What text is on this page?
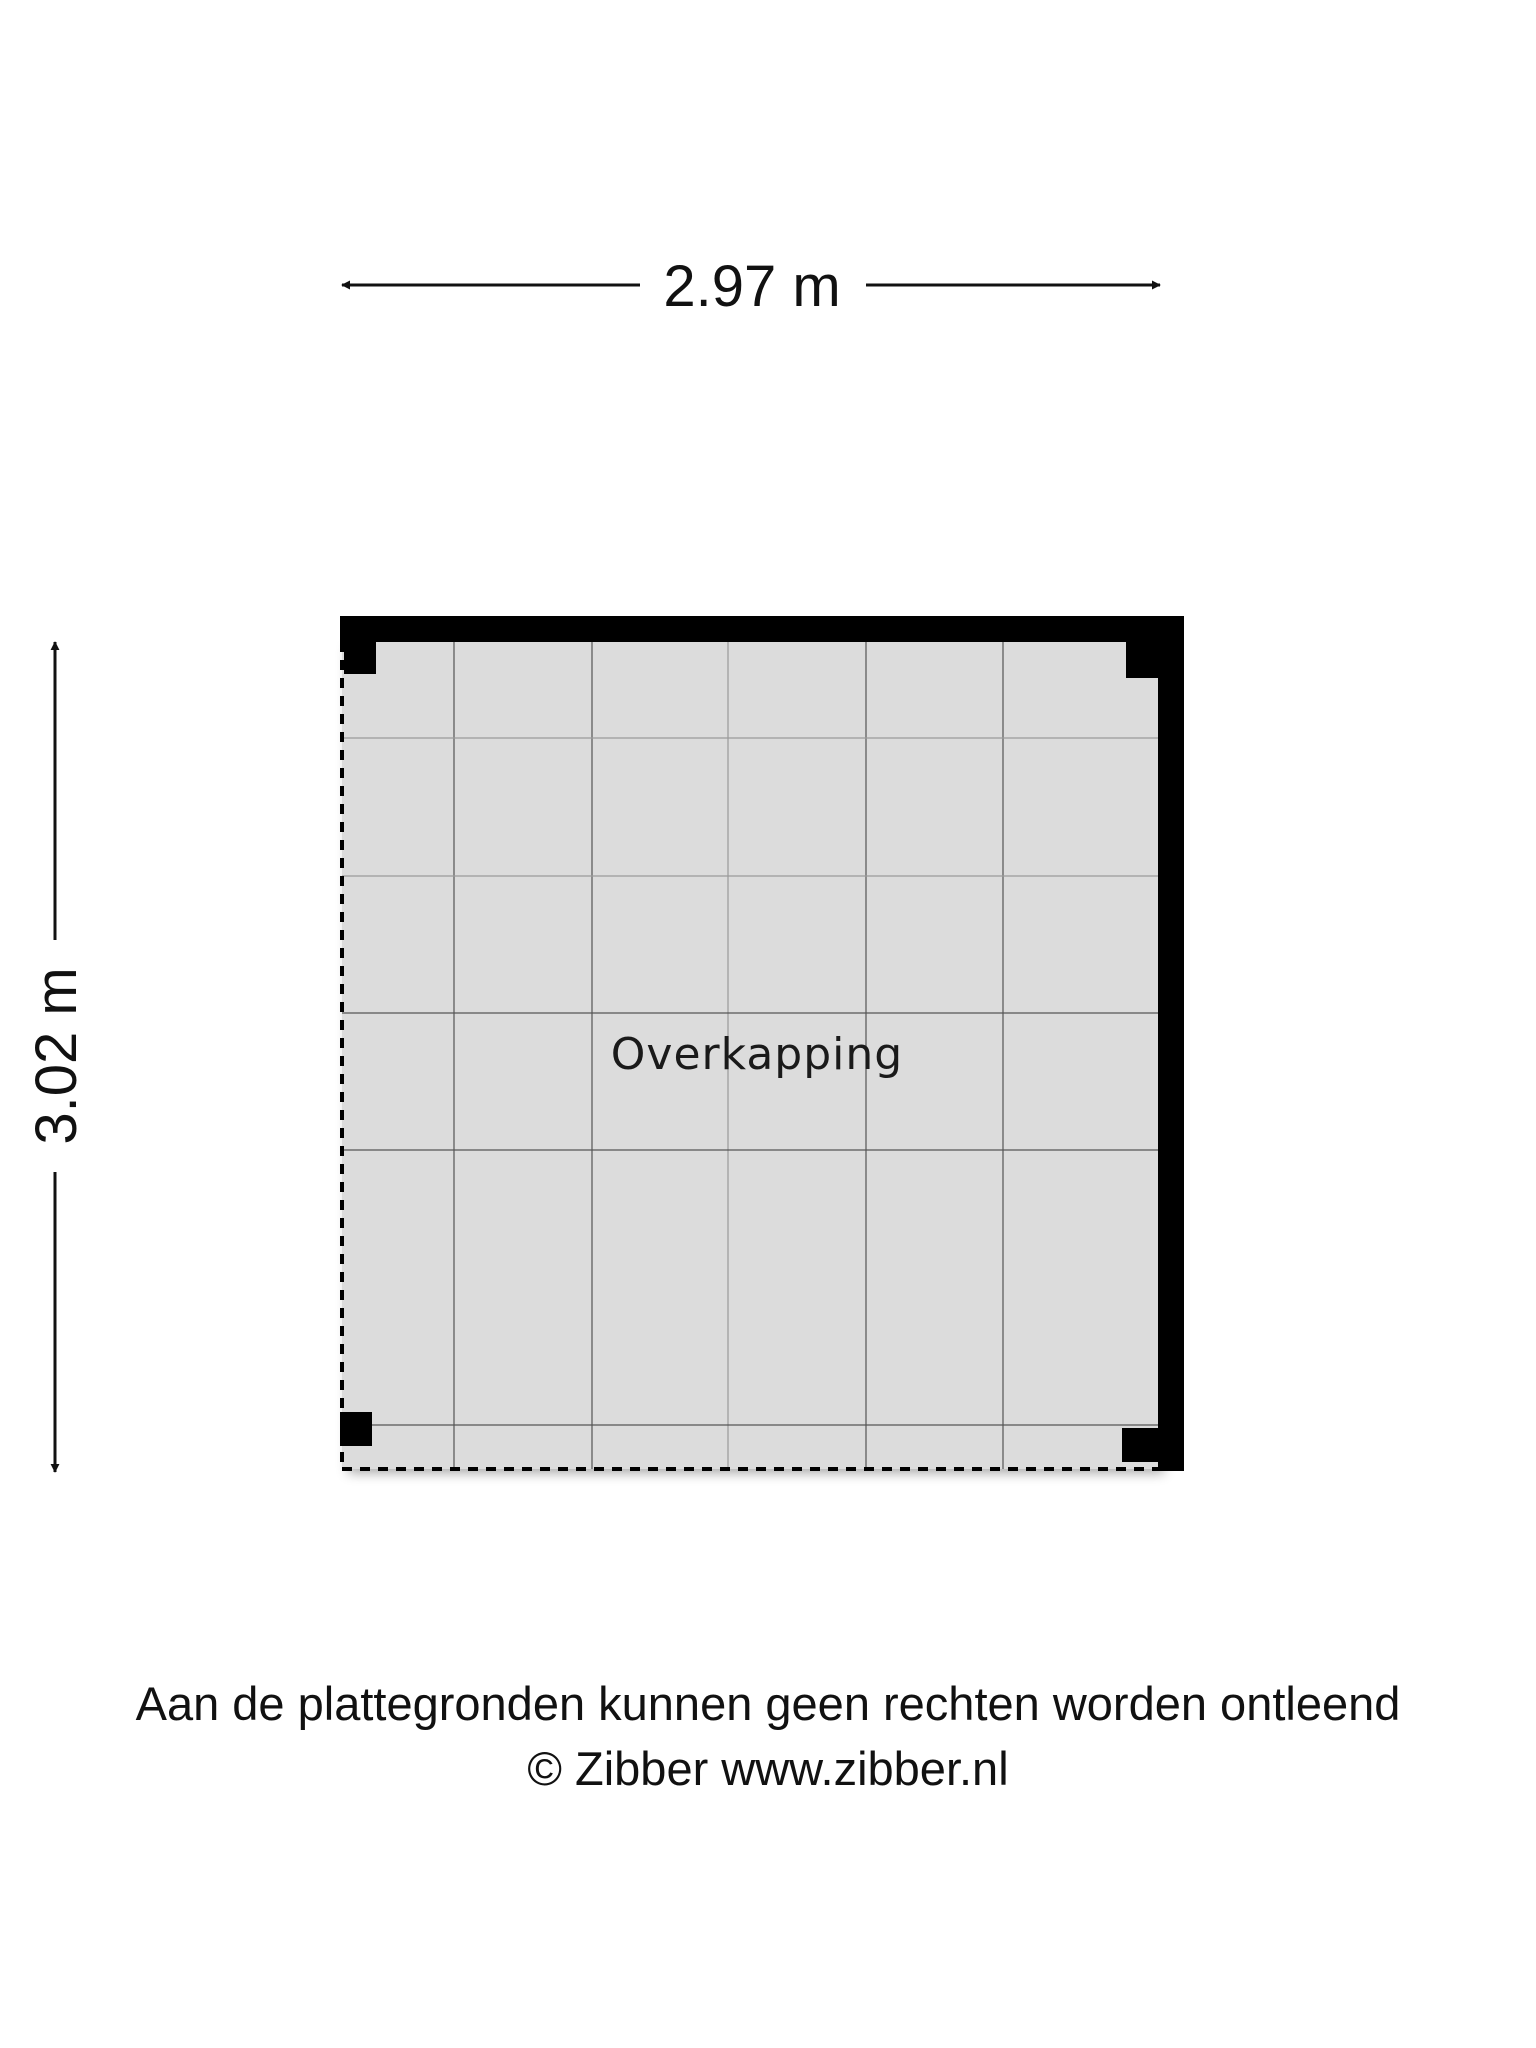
2.97 m
3.02 m	Overkapping
Aan de plattegronden kunnen geen rechten worden ontleend
© Zibber www.zibber.nl
